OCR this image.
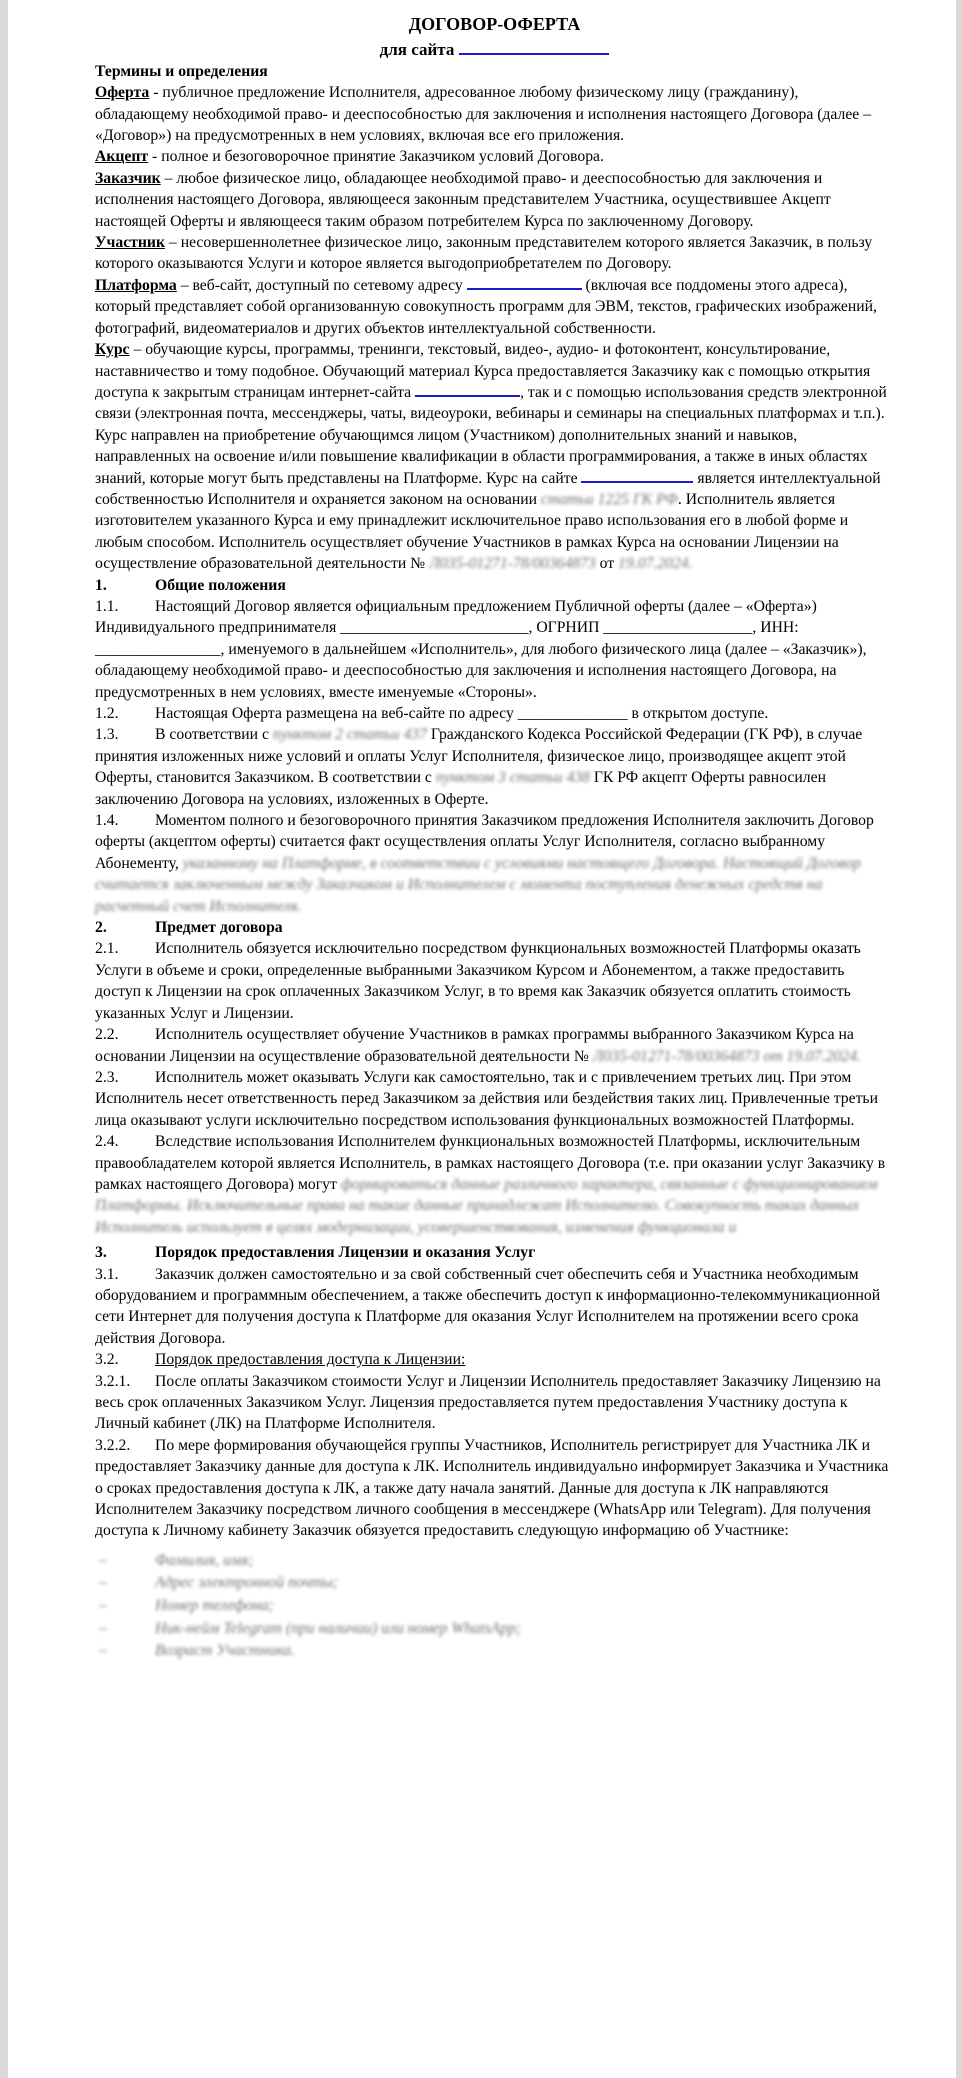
ДОГОВОР-ОФЕРТА
для сайта

Термины и определения

Оферта - публичное предложение Исполнителя, адресованное любому физическому лицу (гражданину), обладающему необходимой право- и дееспособностью для заключения и исполнения настоящего Договора (далее – «Договор») на предусмотренных в нем условиях, включая все его приложения.

Акцепт - полное и безоговорочное принятие Заказчиком условий Договора.

Заказчик – любое физическое лицо, обладающее необходимой право- и дееспособностью для заключения и исполнения настоящего Договора, являющееся законным представителем Участника, осуществившее Акцепт настоящей Оферты и являющееся таким образом потребителем Курса по заключенному Договору.

Участник – несовершеннолетнее физическое лицо, законным представителем которого является Заказчик, в пользу которого оказываются Услуги и которое является выгодоприобретателем по Договору.

Платформа – веб-сайт, доступный по сетевому адресу	(включая все поддомены этого адреса), который представляет собой организованную совокупность программ для ЭВМ, текстов, графических изображений, фотографий, видеоматериалов и других объектов интеллектуальной собственности.

Курс – обучающие курсы, программы, тренинги, текстовый, видео-, аудио- и фотоконтент, консультирование, наставничество и тому подобное. Обучающий материал Курса предоставляется Заказчику как с помощью открытия доступа к закрытым страницам интернет-сайта	, так и с помощью использования средств электронной связи (электронная почта, мессенджеры, чаты, видеоуроки, вебинары и семинары на специальных платформах и т.п.). Курс направлен на приобретение обучающимся лицом (Участником) дополнительных знаний и навыков, направленных на освоение и/или повышение квалификации в области программирования, а также в иных областях знаний, которые могут быть представлены на Платформе. Курс на сайте	является интеллектуальной собственностью Исполнителя и охраняется законом на основании статьи 1225 ГК РФ. Исполнитель является изготовителем указанного Курса и ему принадлежит исключительное право использования его в любой форме и любым способом. Исполнитель осуществляет обучение Участников в рамках Курса на основании Лицензии на осуществление образовательной деятельности № Л035-01271-78/00364873 от 19.07.2024.

1.	Общие положения

1.1. Настоящий Договор является официальным предложением Публичной оферты (далее – «Оферта») Индивидуального предпринимателя ________________________, ОГРНИП ___________________, ИНН: ________________, именуемого в дальнейшем «Исполнитель», для любого физического лица (далее – «Заказчик»), обладающему необходимой право- и дееспособностью для заключения и исполнения настоящего Договора, на предусмотренных в нем условиях, вместе именуемые «Стороны».

1.2. Настоящая Оферта размещена на веб-сайте по адресу ______________ в открытом доступе.

1.3. В соответствии с пунктом 2 статьи 437 Гражданского Кодекса Российской Федерации (ГК РФ), в случае принятия изложенных ниже условий и оплаты Услуг Исполнителя, физическое лицо, производящее акцепт этой Оферты, становится Заказчиком. В соответствии с пунктом 3 статьи 438 ГК РФ акцепт Оферты равносилен заключению Договора на условиях, изложенных в Оферте.

1.4. Моментом полного и безоговорочного принятия Заказчиком предложения Исполнителя заключить Договор оферты (акцептом оферты) считается факт осуществления оплаты Услуг Исполнителя, согласно выбранному Абонементу, указанному на Платформе, в соответствии с условиями настоящего Договора. Настоящий Договор считается заключенным между Заказчиком и Исполнителем с момента поступления денежных средств на расчетный счет Исполнителя.

2.	Предмет договора

2.1. Исполнитель обязуется исключительно посредством функциональных возможностей Платформы оказать Услуги в объеме и сроки, определенные выбранными Заказчиком Курсом и Абонементом, а также предоставить доступ к Лицензии на срок оплаченных Заказчиком Услуг, в то время как Заказчик обязуется оплатить стоимость указанных Услуг и Лицензии.

2.2. Исполнитель осуществляет обучение Участников в рамках программы выбранного Заказчиком Курса на основании Лицензии на осуществление образовательной деятельности № Л035-01271-78/00364873 от 19.07.2024.

2.3. Исполнитель может оказывать Услуги как самостоятельно, так и с привлечением третьих лиц. При этом Исполнитель несет ответственность перед Заказчиком за действия или бездействия таких лиц. Привлеченные третьи лица оказывают услуги исключительно посредством использования функциональных возможностей Платформы.

2.4. Вследствие использования Исполнителем функциональных возможностей Платформы, исключительным правообладателем которой является Исполнитель, в рамках настоящего Договора (т.е. при оказании услуг Заказчику в рамках настоящего Договора) могут формироваться данные различного характера, связанные с функционированием Платформы. Исключительные права на такие данные принадлежат Исполнителю. Совокупность таких данных Исполнитель использует в целях модернизации, усовершенствования, изменения функционала и

3.	Порядок предоставления Лицензии и оказания Услуг

3.1. Заказчик должен самостоятельно и за свой собственный счет обеспечить себя и Участника необходимым оборудованием и программным обеспечением, а также обеспечить доступ к информационно-телекоммуникационной сети Интернет для получения доступа к Платформе для оказания Услуг Исполнителем на протяжении всего срока действия Договора.

3.2. Порядок предоставления доступа к Лицензии:

3.2.1. После оплаты Заказчиком стоимости Услуг и Лицензии Исполнитель предоставляет Заказчику Лицензию на весь срок оплаченных Заказчиком Услуг. Лицензия предоставляется путем предоставления Участнику доступа к Личный кабинет (ЛК) на Платформе Исполнителя.

3.2.2. По мере формирования обучающейся группы Участников, Исполнитель регистрирует для Участника ЛК и предоставляет Заказчику данные для доступа к ЛК. Исполнитель индивидуально информирует Заказчика и Участника о сроках предоставления доступа к ЛК, а также дату начала занятий. Данные для доступа к ЛК направляются Исполнителем Заказчику посредством личного сообщения в мессенджере (WhatsApp или Telegram). Для получения доступа к Личному кабинету Заказчик обязуется предоставить следующую информацию об Участнике:

–	Фамилия, имя;
–	Адрес электронной почты;
–	Номер телефона;
–	Ник-нейм Telegram (при наличии) или номер WhatsApp;
–	Возраст Участника.
